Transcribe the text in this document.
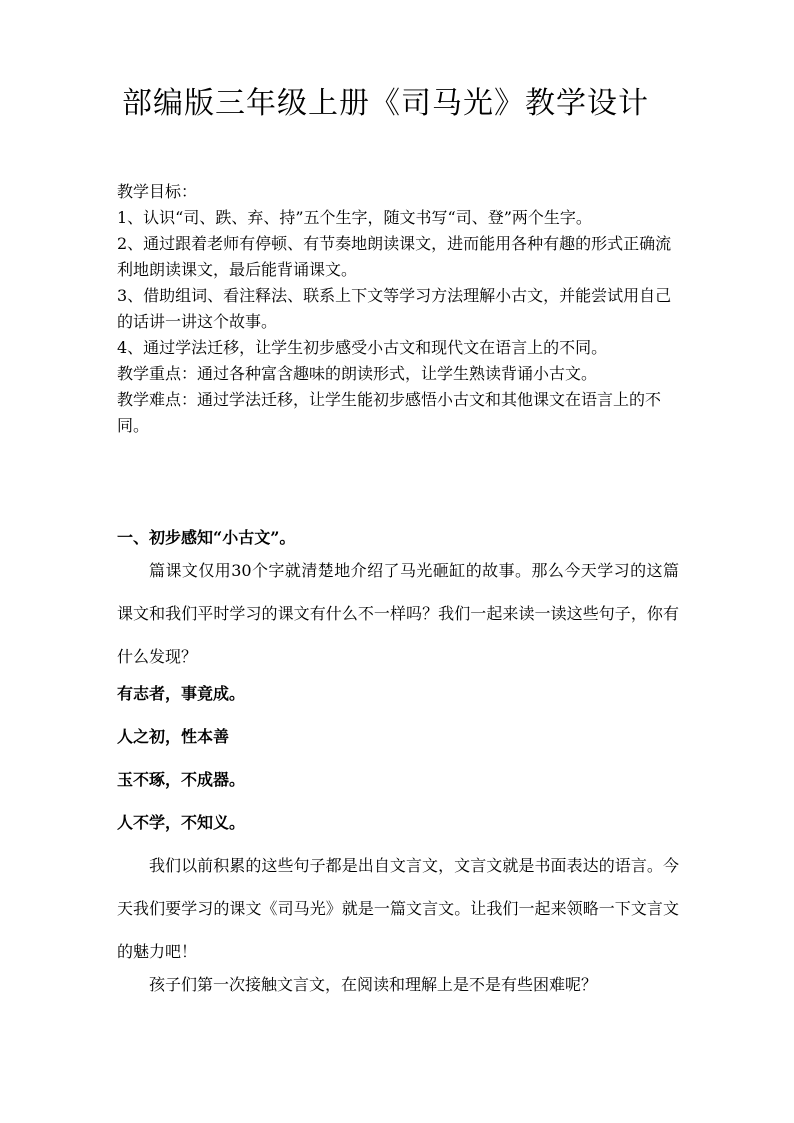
部编版三年级上册《司马光》教学设计

教学目标：

1、认识“司、跌、弃、持”五个生字，随文书写“司、登”两个生字。

2、通过跟着老师有停顿、有节奏地朗读课文，进而能用各种有趣的形式正确流利地朗读课文，最后能背诵课文。

3、借助组词、看注释法、联系上下文等学习方法理解小古文，并能尝试用自己的话讲一讲这个故事。

4、通过学法迁移，让学生初步感受小古文和现代文在语言上的不同。

教学重点：通过各种富含趣味的朗读形式，让学生熟读背诵小古文。

教学难点：通过学法迁移，让学生能初步感悟小古文和其他课文在语言上的不同。

一、初步感知“小古文”。

篇课文仅用30个字就清楚地介绍了马光砸缸的故事。那么今天学习的这篇课文和我们平时学习的课文有什么不一样吗？我们一起来读一读这些句子，你有什么发现？

有志者，事竟成。
人之初，性本善
玉不琢，不成器。
人不学，不知义。

我们以前积累的这些句子都是出自文言文，文言文就是书面表达的语言。今天我们要学习的课文《司马光》就是一篇文言文。让我们一起来领略一下文言文的魅力吧！

孩子们第一次接触文言文，在阅读和理解上是不是有些困难呢？
